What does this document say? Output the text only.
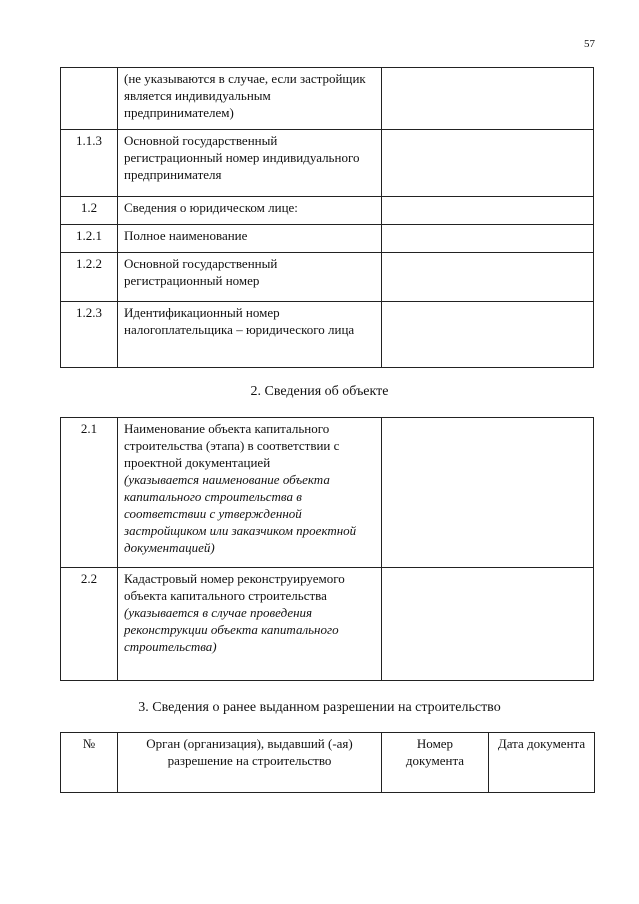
57
	(не указываются в случае, если застройщик является индивидуальным предпринимателем)	
1.1.3	Основной государственный регистрационный номер индивидуального предпринимателя	
1.2	Сведения о юридическом лице:	
1.2.1	Полное наименование	
1.2.2	Основной государственный регистрационный номер	
1.2.3	Идентификационный номер налогоплательщика – юридического лица	
2. Сведения об объекте
2.1	Наименование объекта капитального строительства (этапа) в соответствии с проектной документацией
(указывается наименование объекта капитального строительства в соответствии с утвержденной застройщиком или заказчиком проектной документацией)	

2.2	Кадастровый номер реконструируемого объекта капитального строительства
(указывается в случае проведения реконструкции объекта капитального строительства)	

3. Сведения о ранее выданном разрешении на строительство
№	Орган (организация), выдавший (-ая) разрешение на строительство	Номер документа	Дата документа
